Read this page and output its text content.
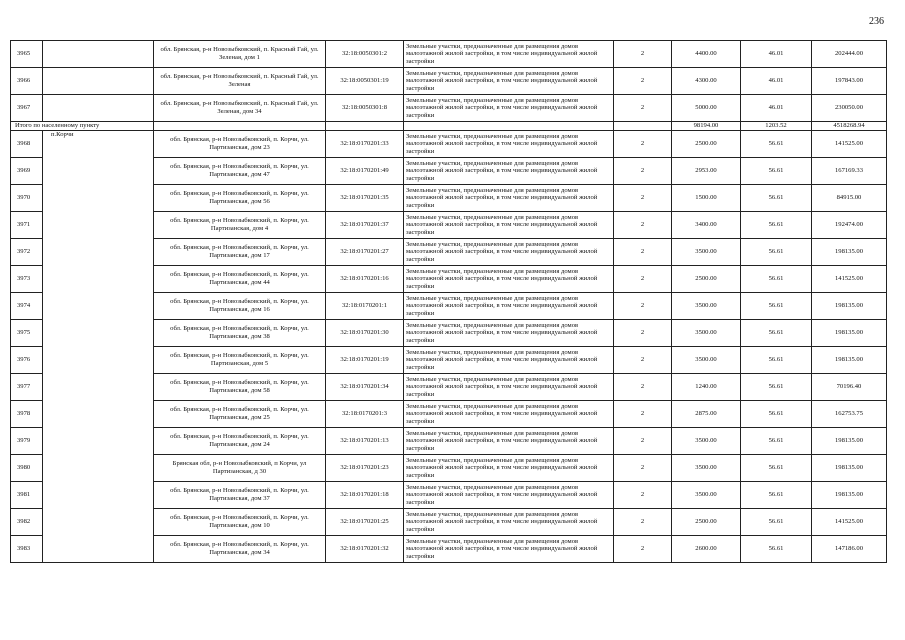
236
3965		обл. Брянская, р-н Новозыбковский, п. Красный Гай, ул. Зеленая, дом 1	32:18:0050301:2	Земельные участки, предназначенные для размещения домов малоэтажной жилой застройки, в том числе индивидуальной жилой застройки	2	4400.00	46.01	202444.00
3966		обл. Брянская, р-н Новозыбковский, п. Красный Гай, ул. Зеленая	32:18:0050301:19	Земельные участки, предназначенные для размещения домов малоэтажной жилой застройки, в том числе индивидуальной жилой застройки	2	4300.00	46.01	197843.00
3967		обл. Брянская, р-н Новозыбковский, п. Красный Гай, ул. Зеленая, дом 34	32:18:0050301:8	Земельные участки, предназначенные для размещения домов малоэтажной жилой застройки, в том числе индивидуальной жилой застройки	2	5000.00	46.01	230050.00
Итого по населенному пункту						98194.00	1203.52	4518268.94
3968	п.Корчи	обл. Брянская, р-н Новозыбковский, п. Корчи, ул. Партизанская, дом 23	32:18:0170201:33	Земельные участки, предназначенные для размещения домов малоэтажной жилой застройки, в том числе индивидуальной жилой застройки	2	2500.00	56.61	141525.00
3969		обл. Брянская, р-н Новозыбковский, п. Корчи, ул. Партизанская, дом 47	32:18:0170201:49	Земельные участки, предназначенные для размещения домов малоэтажной жилой застройки, в том числе индивидуальной жилой застройки	2	2953.00	56.61	167169.33
3970		обл. Брянская, р-н Новозыбковский, п. Корчи, ул. Партизанская, дом 56	32:18:0170201:35	Земельные участки, предназначенные для размещения домов малоэтажной жилой застройки, в том числе индивидуальной жилой застройки	2	1500.00	56.61	84915.00
3971		обл. Брянская, р-н Новозыбковский, п. Корчи, ул. Партизанская, дом 4	32:18:0170201:37	Земельные участки, предназначенные для размещения домов малоэтажной жилой застройки, в том числе индивидуальной жилой застройки	2	3400.00	56.61	192474.00
3972		обл. Брянская, р-н Новозыбковский, п. Корчи, ул. Партизанская, дом 17	32:18:0170201:27	Земельные участки, предназначенные для размещения домов малоэтажной жилой застройки, в том числе индивидуальной жилой застройки	2	3500.00	56.61	198135.00
3973		обл. Брянская, р-н Новозыбковский, п. Корчи, ул. Партизанская, дом 44	32:18:0170201:16	Земельные участки, предназначенные для размещения домов малоэтажной жилой застройки, в том числе индивидуальной жилой застройки	2	2500.00	56.61	141525.00
3974		обл. Брянская, р-н Новозыбковский, п. Корчи, ул. Партизанская, дом 16	32:18:0170201:1	Земельные участки, предназначенные для размещения домов малоэтажной жилой застройки, в том числе индивидуальной жилой застройки	2	3500.00	56.61	198135.00
3975		обл. Брянская, р-н Новозыбковский, п. Корчи, ул. Партизанская, дом 38	32:18:0170201:30	Земельные участки, предназначенные для размещения домов малоэтажной жилой застройки, в том числе индивидуальной жилой застройки	2	3500.00	56.61	198135.00
3976		обл. Брянская, р-н Новозыбковский, п. Корчи, ул. Партизанская, дом 5	32:18:0170201:19	Земельные участки, предназначенные для размещения домов малоэтажной жилой застройки, в том числе индивидуальной жилой застройки	2	3500.00	56.61	198135.00
3977		обл. Брянская, р-н Новозыбковский, п. Корчи, ул. Партизанская, дом 58	32:18:0170201:34	Земельные участки, предназначенные для размещения домов малоэтажной жилой застройки, в том числе индивидуальной жилой застройки	2	1240.00	56.61	70196.40
3978		обл. Брянская, р-н Новозыбковский, п. Корчи, ул. Партизанская, дом 25	32:18:0170201:3	Земельные участки, предназначенные для размещения домов малоэтажной жилой застройки, в том числе индивидуальной жилой застройки	2	2875.00	56.61	162753.75
3979		обл. Брянская, р-н Новозыбковский, п. Корчи, ул. Партизанская, дом 24	32:18:0170201:13	Земельные участки, предназначенные для размещения домов малоэтажной жилой застройки, в том числе индивидуальной жилой застройки	2	3500.00	56.61	198135.00
3980		Брянская обл, р-н Новозыбковский, п Корчи, ул Партизанская, д 30	32:18:0170201:23	Земельные участки, предназначенные для размещения домов малоэтажной жилой застройки, в том числе индивидуальной жилой застройки	2	3500.00	56.61	198135.00
3981		обл. Брянская, р-н Новозыбковский, п. Корчи, ул. Партизанская, дом 37	32:18:0170201:18	Земельные участки, предназначенные для размещения домов малоэтажной жилой застройки, в том числе индивидуальной жилой застройки	2	3500.00	56.61	198135.00
3982		обл. Брянская, р-н Новозыбковский, п. Корчи, ул. Партизанская, дом 10	32:18:0170201:25	Земельные участки, предназначенные для размещения домов малоэтажной жилой застройки, в том числе индивидуальной жилой застройки	2	2500.00	56.61	141525.00
3983		обл. Брянская, р-н Новозыбковский, п. Корчи, ул. Партизанская, дом 34	32:18:0170201:32	Земельные участки, предназначенные для размещения домов малоэтажной жилой застройки, в том числе индивидуальной жилой застройки	2	2600.00	56.61	147186.00
